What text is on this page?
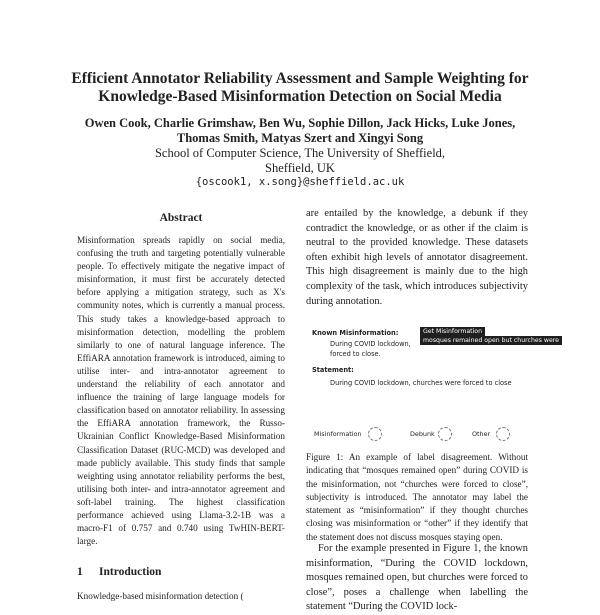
Efficient Annotator Reliability Assessment and Sample Weighting for Knowledge-Based Misinformation Detection on Social Media
Owen Cook, Charlie Grimshaw, Ben Wu, Sophie Dillon, Jack Hicks, Luke Jones,
Thomas Smith, Matyas Szert and Xingyi Song
School of Computer Science, The University of Sheffield,
Sheffield, UK
{oscook1, x.song}@sheffield.ac.uk
Abstract
Misinformation spreads rapidly on social media, confusing the truth and targeting potentially vulnerable people. To effectively mitigate the negative impact of misinformation, it must first be accurately detected before applying a mitigation strategy, such as X's community notes, which is currently a manual process. This study takes a knowledge-based approach to misinformation detection, modelling the problem similarly to one of natural language inference. The EffiARA annotation framework is introduced, aiming to utilise inter- and intra-annotator agreement to understand the reliability of each annotator and influence the training of large language models for classification based on annotator reliability. In assessing the EffiARA annotation framework, the Russo-Ukrainian Conflict Knowledge-Based Misinformation Classification Dataset (RUC-MCD) was developed and made publicly available. This study finds that sample weighting using annotator reliability performs the best, utilising both inter- and intra-annotator agreement and soft-label training. The highest classification performance achieved using Llama-3.2-1B was a macro-F1 of 0.757 and 0.740 using TwHIN-BERT-large.
1 Introduction
Knowledge-based misinformation detection (
are entailed by the knowledge, a debunk if they contradict the knowledge, or as other if the claim is neutral to the provided knowledge. These datasets often exhibit high levels of annotator disagreement. This high disagreement is mainly due to the high complexity of the task, which introduces subjectivity during annotation.
Known Misinformation:	Get Misinformation
During COVID lockdown,	mosques remained open but churches were
forced to close.
Statement:
During COVID lockdown, churches were forced to close
Misinformation	Debunk	Other
Figure 1: An example of label disagreement. Without indicating that “mosques remained open” during COVID is the misinformation, not “churches were forced to close”, subjectivity is introduced. The annotator may label the statement as “misinformation” if they thought churches closing was misinformation or “other” if they identify that the statement does not discuss mosques staying open.
For the example presented in Figure 1, the known misinformation, “During the COVID lockdown, mosques remained open, but churches were forced to close”, poses a challenge when labelling the statement “During the COVID lock-
